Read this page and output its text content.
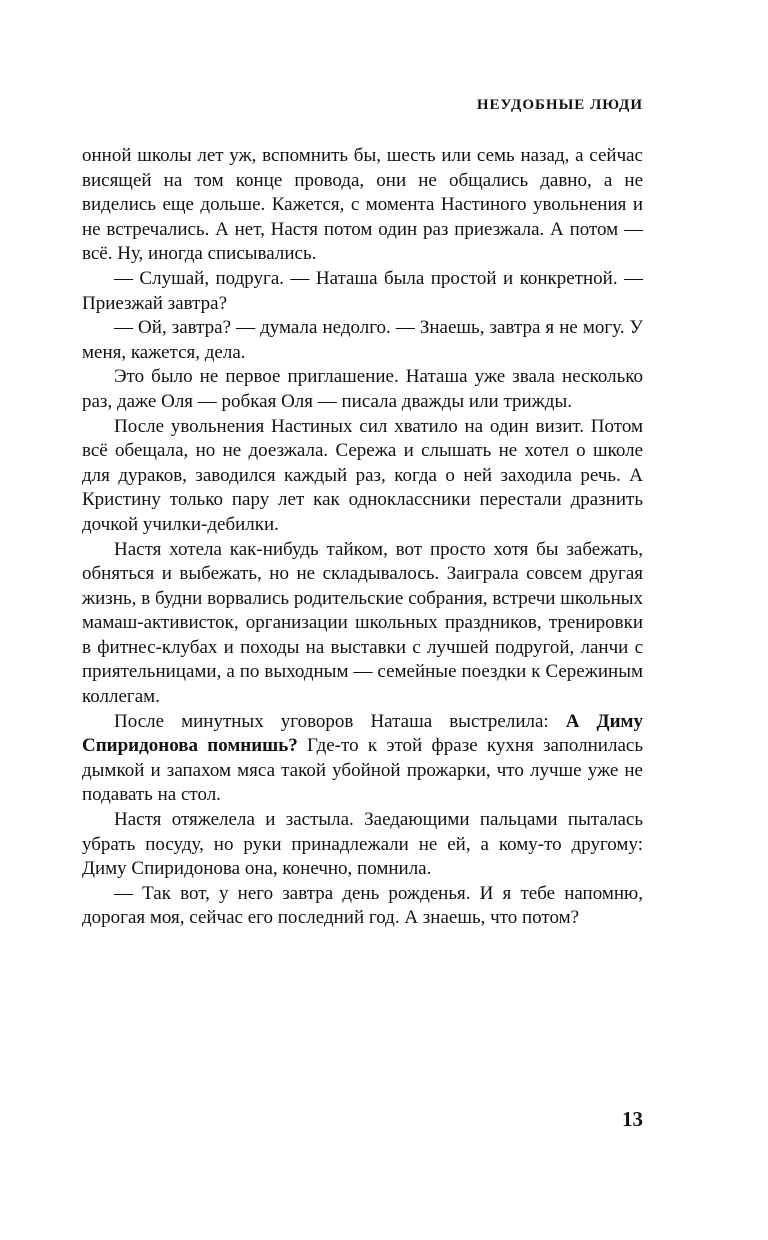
НЕУДОБНЫЕ ЛЮДИ

онной школы лет уж, вспомнить бы, шесть или семь назад, а сейчас висящей на том конце провода, они не общались давно, а не виделись еще дольше. Кажется, с момента Настиного увольнения и не встречались. А нет, Настя потом один раз приезжала. А потом — всё. Ну, иногда списывались.

— Слушай, подруга. — Наташа была простой и конкретной. — Приезжай завтра?

— Ой, завтра? — думала недолго. — Знаешь, завтра я не могу. У меня, кажется, дела.

Это было не первое приглашение. Наташа уже звала несколько раз, даже Оля — робкая Оля — писала дважды или трижды.

После увольнения Настиных сил хватило на один визит. Потом всё обещала, но не доезжала. Сережа и слышать не хотел о школе для дураков, заводился каждый раз, когда о ней заходила речь. А Кристину только пару лет как одноклассники перестали дразнить дочкой училки-дебилки.

Настя хотела как-нибудь тайком, вот просто хотя бы забежать, обняться и выбежать, но не складывалось. Заиграла совсем другая жизнь, в будни ворвались родительские собрания, встречи школьных мамаш-активисток, организации школьных праздников, тренировки в фитнес-клубах и походы на выставки с лучшей подругой, ланчи с приятельницами, а по выходным — семейные поездки к Сережиным коллегам.

После минутных уговоров Наташа выстрелила: А Диму Спиридонова помнишь? Где-то к этой фразе кухня заполнилась дымкой и запахом мяса такой убойной прожарки, что лучше уже не подавать на стол.

Настя отяжелела и застыла. Заедающими пальцами пыталась убрать посуду, но руки принадлежали не ей, а кому-то другому: Диму Спиридонова она, конечно, помнила.

— Так вот, у него завтра день рожденья. И я тебе напомню, дорогая моя, сейчас его последний год. А знаешь, что потом?

13
